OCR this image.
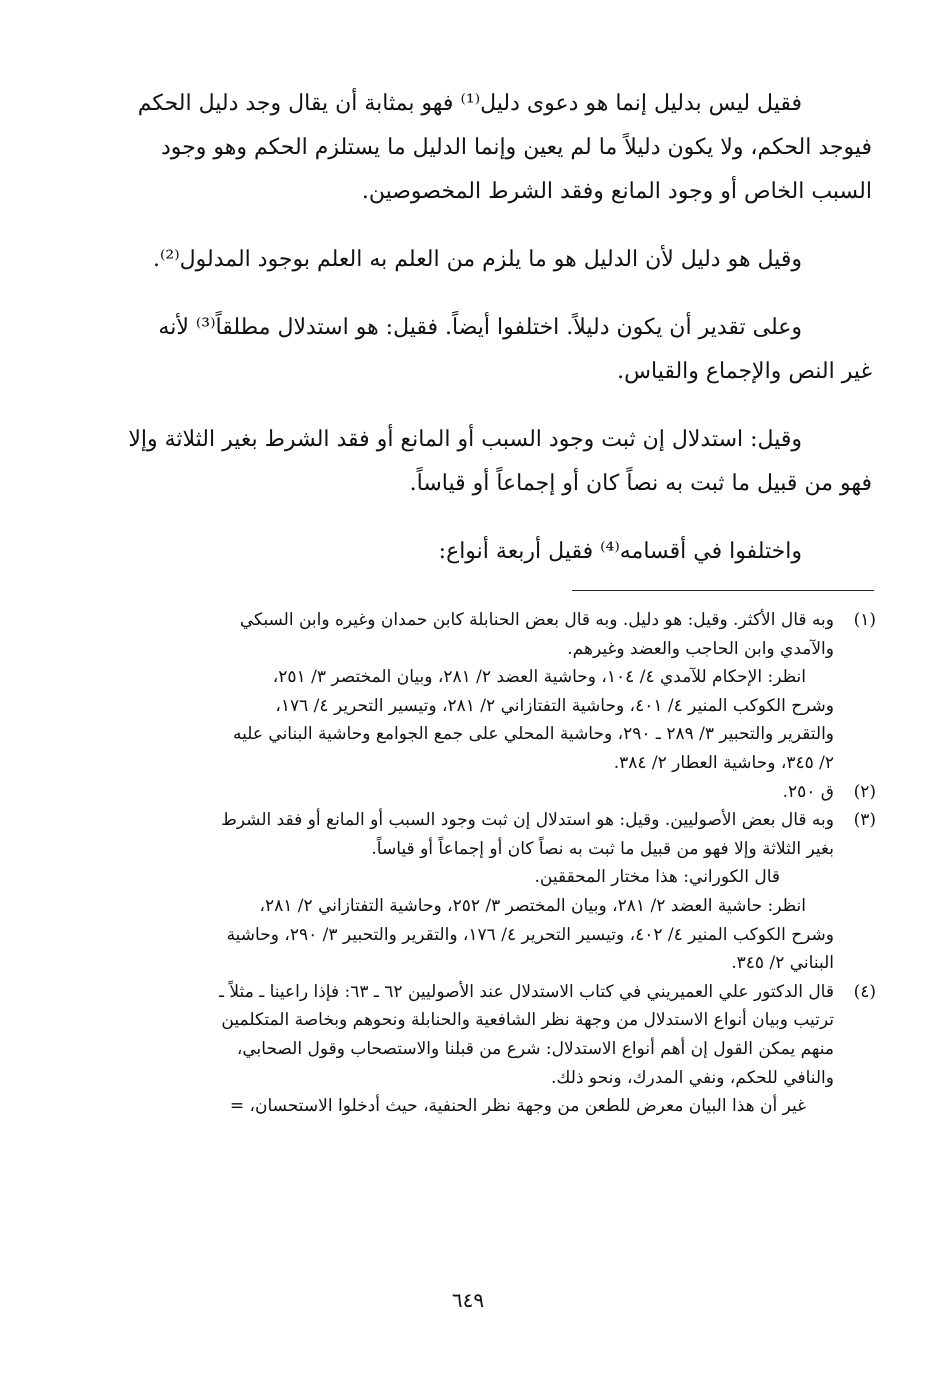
فقيل ليس بدليل إنما هو دعوى دليل⁽¹⁾ فهو بمثابة أن يقال وجد دليل الحكم
فيوجد الحكم، ولا يكون دليلاً ما لم يعين وإنما الدليل ما يستلزم الحكم وهو وجود
السبب الخاص أو وجود المانع وفقد الشرط المخصوصين.

وقيل هو دليل لأن الدليل هو ما يلزم من العلم به العلم بوجود المدلول⁽²⁾.

وعلى تقدير أن يكون دليلاً. اختلفوا أيضاً. فقيل: هو استدلال مطلقاً⁽³⁾ لأنه
غير النص والإجماع والقياس.

وقيل: استدلال إن ثبت وجود السبب أو المانع أو فقد الشرط بغير الثلاثة وإلا
فهو من قبيل ما ثبت به نصاً كان أو إجماعاً أو قياساً.

واختلفوا في أقسامه⁽⁴⁾ فقيل أربعة أنواع:

(١)
وبه قال الأكثر. وقيل: هو دليل. وبه قال بعض الحنابلة كابن حمدان وغيره وابن السبكي
والآمدي وابن الحاجب والعضد وغيرهم.
انظر: الإحكام للآمدي ٤/ ١٠٤، وحاشية العضد ٢/ ٢٨١، وبيان المختصر ٣/ ٢٥١،
وشرح الكوكب المنير ٤/ ٤٠١، وحاشية التفتازاني ٢/ ٢٨١، وتيسير التحرير ٤/ ١٧٦،
والتقرير والتحبير ٣/ ٢٨٩ ـ ٢٩٠، وحاشية المحلي على جمع الجوامع وحاشية البناني عليه
٢/ ٣٤٥، وحاشية العطار ٢/ ٣٨٤.
(٢)
ق ٢٥٠.
(٣)
وبه قال بعض الأصوليين. وقيل: هو استدلال إن ثبت وجود السبب أو المانع أو فقد الشرط
بغير الثلاثة وإلا فهو من قبيل ما ثبت به نصاً كان أو إجماعاً أو قياساً.
قال الكوراني: هذا مختار المحققين.
انظر: حاشية العضد ٢/ ٢٨١، وبيان المختصر ٣/ ٢٥٢، وحاشية التفتازاني ٢/ ٢٨١،
وشرح الكوكب المنير ٤/ ٤٠٢، وتيسير التحرير ٤/ ١٧٦، والتقرير والتحبير ٣/ ٢٩٠، وحاشية
البناني ٢/ ٣٤٥.
(٤)
قال الدكتور علي العميريني في كتاب الاستدلال عند الأصوليين ٦٢ ـ ٦٣: فإذا راعينا ـ مثلاً ـ
ترتيب وبيان أنواع الاستدلال من وجهة نظر الشافعية والحنابلة ونحوهم وبخاصة المتكلمين
منهم يمكن القول إن أهم أنواع الاستدلال: شرع من قبلنا والاستصحاب وقول الصحابي،
والنافي للحكم، ونفي المدرك، ونحو ذلك.
غير أن هذا البيان معرض للطعن من وجهة نظر الحنفية، حيث أدخلوا الاستحسان، =
٦٤٩
